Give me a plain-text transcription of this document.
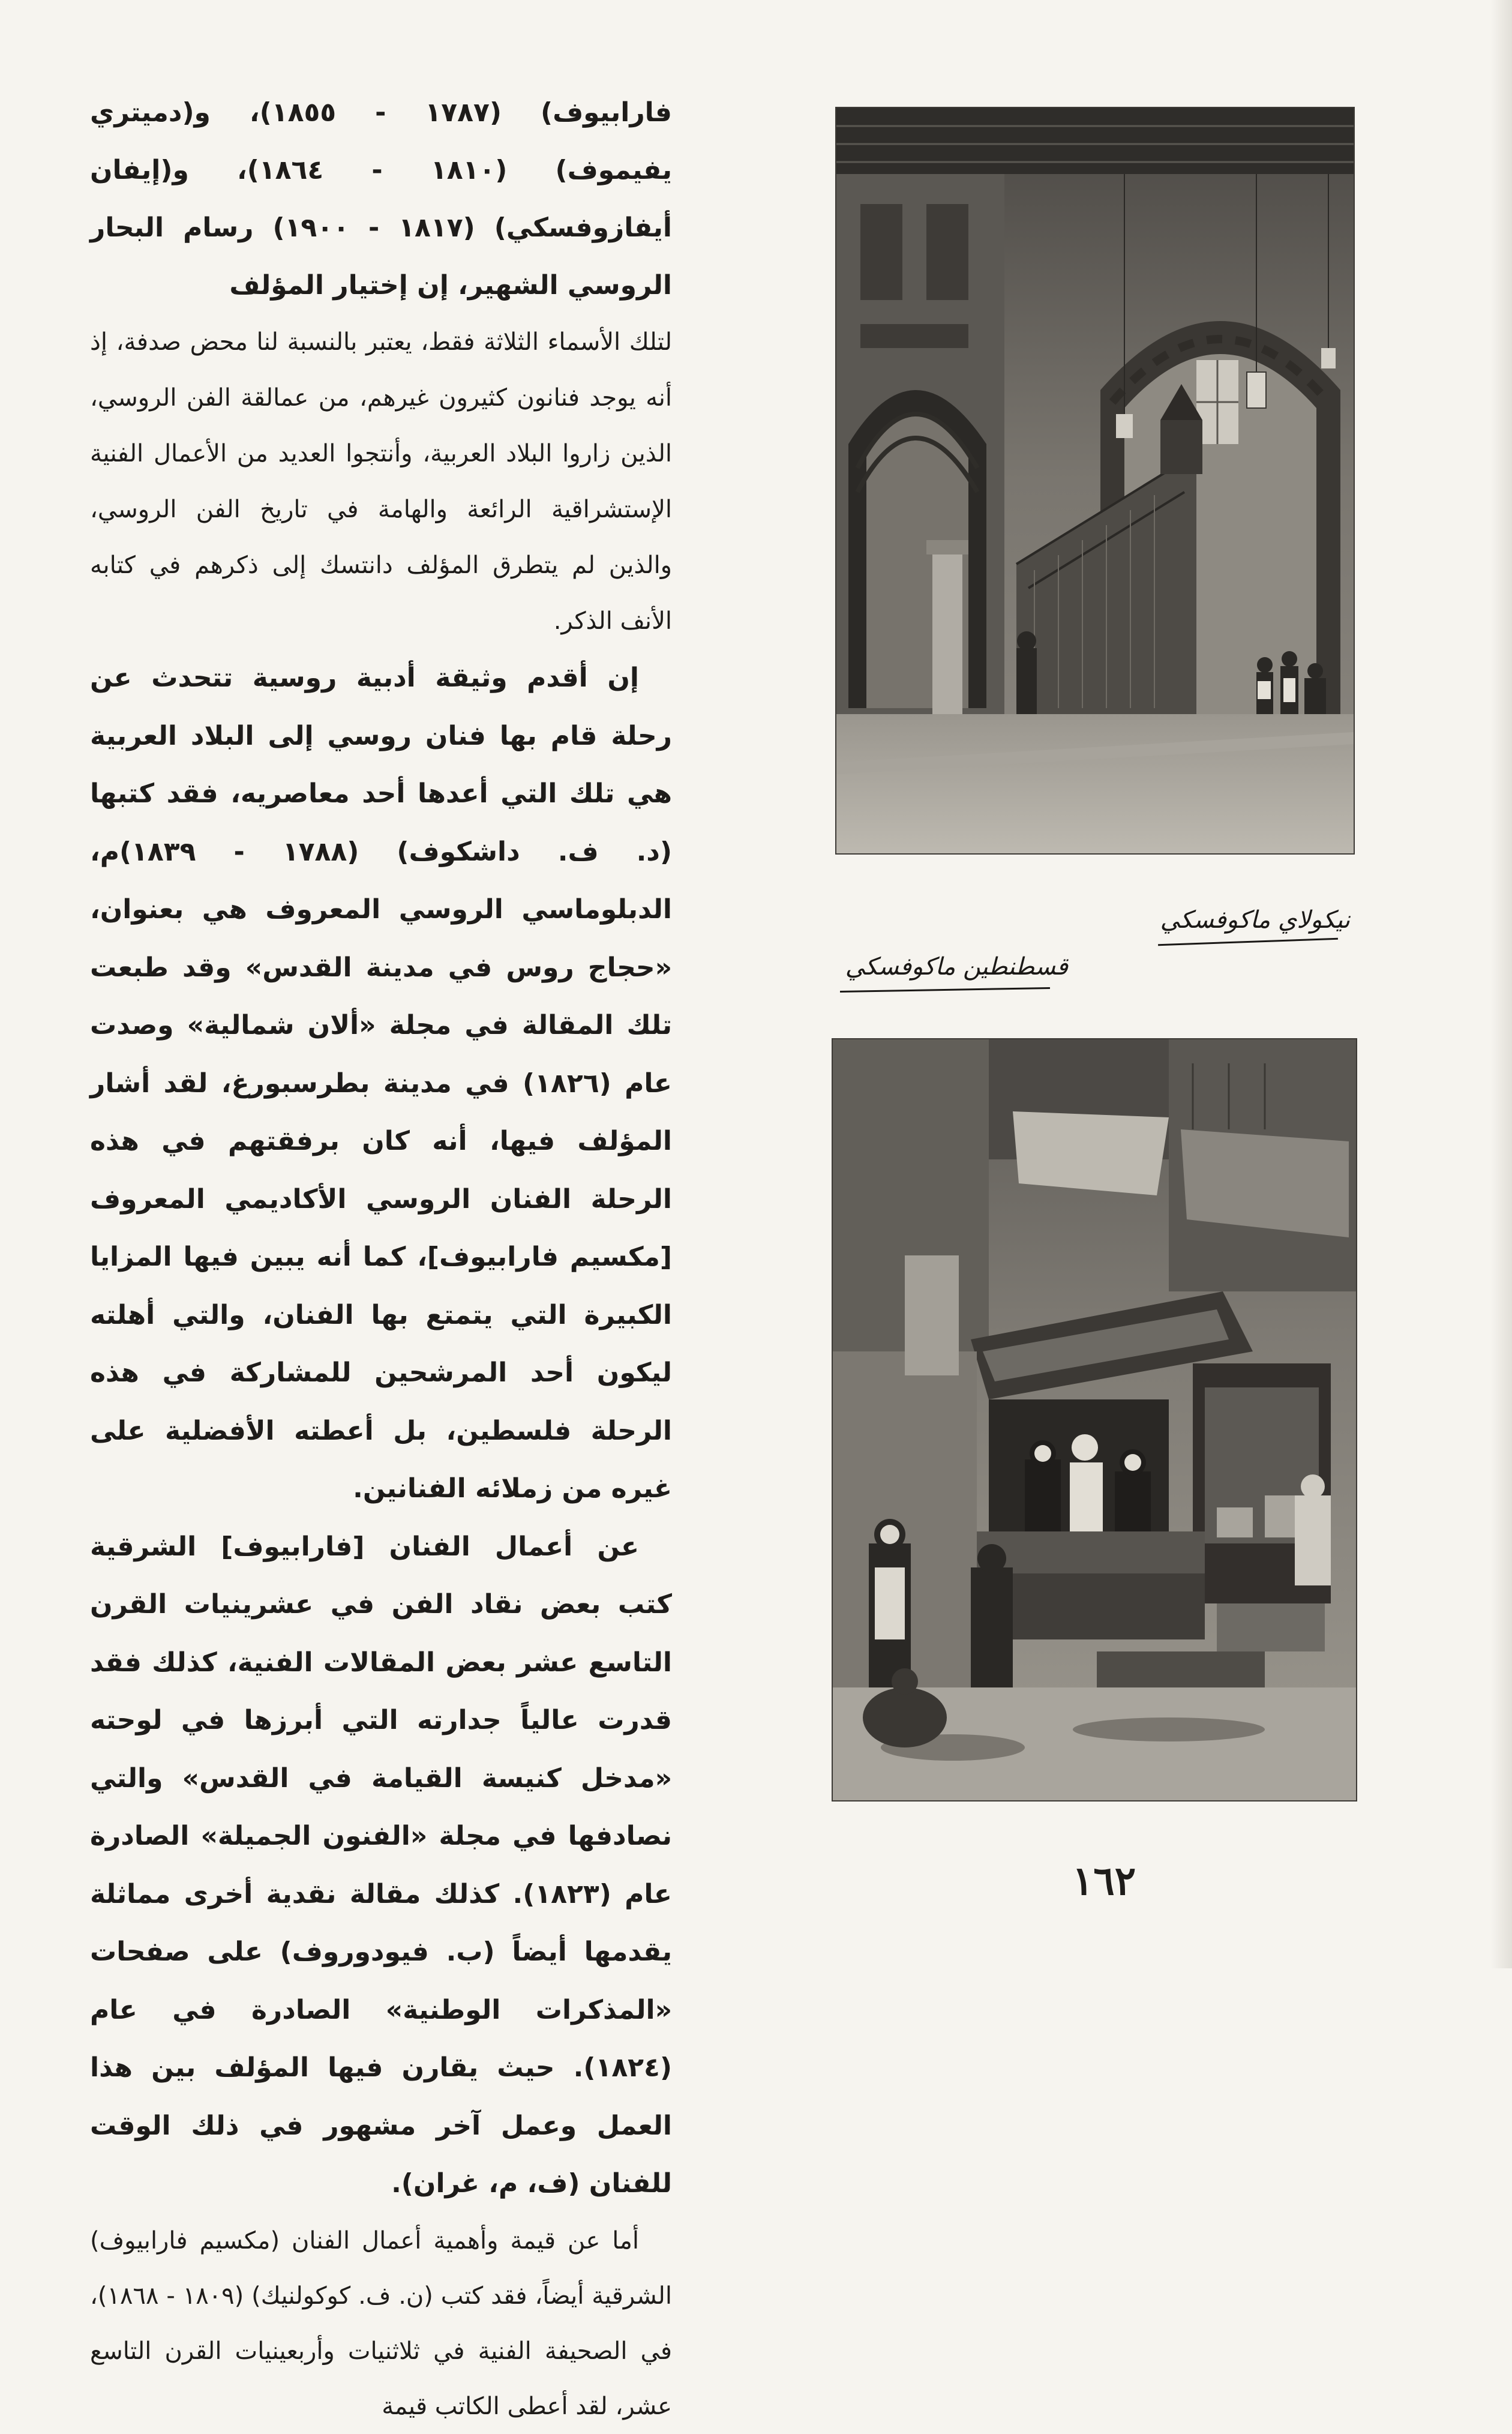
فارابيوف) (١٧٨٧ - ١٨٥٥)، و(دميتري يفيموف) (١٨١٠ - ١٨٦٤)، و(إيفان أيفازوفسكي) (١٨١٧ - ١٩٠٠) رسام البحار الروسي الشهير، إن إختيار المؤلف

لتلك الأسماء الثلاثة فقط، يعتبر بالنسبة لنا محض صدفة، إذ أنه يوجد فنانون كثيرون غيرهم، من عمالقة الفن الروسي، الذين زاروا البلاد العربية، وأنتجوا العديد من الأعمال الفنية الإستشراقية الرائعة والهامة في تاريخ الفن الروسي، والذين لم يتطرق المؤلف دانتسك إلى ذكرهم في كتابه الأنف الذكر.

إن أقدم وثيقة أدبية روسية تتحدث عن رحلة قام بها فنان روسي إلى البلاد العربية هي تلك التي أعدها أحد معاصريه، فقد كتبها (د. ف. داشكوف) (١٧٨٨ - ١٨٣٩)م، الدبلوماسي الروسي المعروف هي بعنوان، «حجاج روس في مدينة القدس» وقد طبعت تلك المقالة في مجلة «ألان شمالية» وصدت عام (١٨٢٦) في مدينة بطرسبورغ، لقد أشار المؤلف فيها، أنه كان برفقتهم في هذه الرحلة الفنان الروسي الأكاديمي المعروف [مكسيم فارابيوف]، كما أنه يبين فيها المزايا الكبيرة التي يتمتع بها الفنان، والتي أهلته ليكون أحد المرشحين للمشاركة في هذه الرحلة فلسطين، بل أعطته الأفضلية على غيره من زملائه الفنانين.

عن أعمال الفنان [فارابيوف] الشرقية كتب بعض نقاد الفن في عشرينيات القرن التاسع عشر بعض المقالات الفنية، كذلك فقد قدرت عالياً جدارته التي أبرزها في لوحته «مدخل كنيسة القيامة في القدس» والتي نصادفها في مجلة «الفنون الجميلة» الصادرة عام (١٨٢٣). كذلك مقالة نقدية أخرى مماثلة يقدمها أيضاً (ب. فيودوروف) على صفحات «المذكرات الوطنية» الصادرة في عام (١٨٢٤). حيث يقارن فيها المؤلف بين هذا العمل وعمل آخر مشهور في ذلك الوقت للفنان (ف، م، غران).

أما عن قيمة وأهمية أعمال الفنان (مكسيم فارابيوف) الشرقية أيضاً، فقد كتب (ن. ف. كوكولنيك) (١٨٠٩ - ١٨٦٨)، في الصحيفة الفنية في ثلاثنيات وأربعينيات القرن التاسع عشر، لقد أعطى الكاتب قيمة

نيكولاي ماكوفسكي
قسطنطين ماكوفسكي
١٦٢
